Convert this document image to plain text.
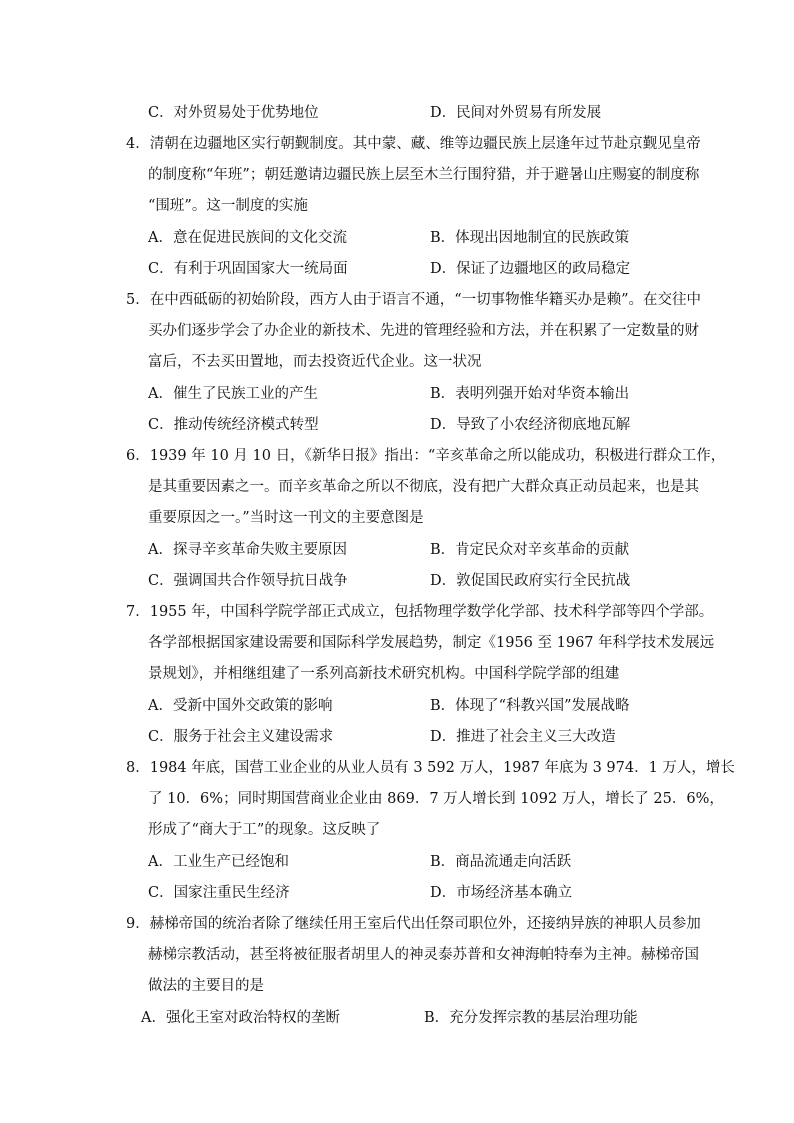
C．对外贸易处于优势地位	D．民间对外贸易有所发展
4．清朝在边疆地区实行朝觐制度。其中蒙、藏、维等边疆民族上层逢年过节赴京觐见皇帝
的制度称“年班”；朝廷邀请边疆民族上层至木兰行围狩猎，并于避暑山庄赐宴的制度称
“围班”。这一制度的实施
A．意在促进民族间的文化交流	B．体现出因地制宜的民族政策
C．有利于巩固国家大一统局面	D．保证了边疆地区的政局稳定
5．在中西砥砺的初始阶段，西方人由于语言不通，“一切事物惟华籍买办是赖”。在交往中
买办们逐步学会了办企业的新技术、先进的管理经验和方法，并在积累了一定数量的财
富后，不去买田置地，而去投资近代企业。这一状况
A．催生了民族工业的产生	B．表明列强开始对华资本输出
C．推动传统经济模式转型	D．导致了小农经济彻底地瓦解
6．1939 年 10 月 10 日，《新华日报》指出：“辛亥革命之所以能成功，积极进行群众工作，
是其重要因素之一。而辛亥革命之所以不彻底，没有把广大群众真正动员起来，也是其
重要原因之一。”当时这一刊文的主要意图是
A．探寻辛亥革命失败主要原因	B．肯定民众对辛亥革命的贡献
C．强调国共合作领导抗日战争	D．敦促国民政府实行全民抗战
7．1955 年，中国科学院学部正式成立，包括物理学数学化学部、技术科学部等四个学部。
各学部根据国家建设需要和国际科学发展趋势，制定《1956 至 1967 年科学技术发展远
景规划》，并相继组建了一系列高新技术研究机构。中国科学院学部的组建
A．受新中国外交政策的影响	B．体现了“科教兴国”发展战略
C．服务于社会主义建设需求	D．推进了社会主义三大改造
8．1984 年底，国营工业企业的从业人员有 3 592 万人，1987 年底为 3 974．1 万人，增长
了 10．6%；同时期国营商业企业由 869．7 万人增长到 1092 万人，增长了 25．6%，
形成了“商大于工”的现象。这反映了
A．工业生产已经饱和	B．商品流通走向活跃
C．国家注重民生经济	D．市场经济基本确立
9．赫梯帝国的统治者除了继续任用王室后代出任祭司职位外，还接纳异族的神职人员参加
赫梯宗教活动，甚至将被征服者胡里人的神灵泰苏普和女神海帕特奉为主神。赫梯帝国
做法的主要目的是
A．强化王室对政治特权的垄断	B．充分发挥宗教的基层治理功能
